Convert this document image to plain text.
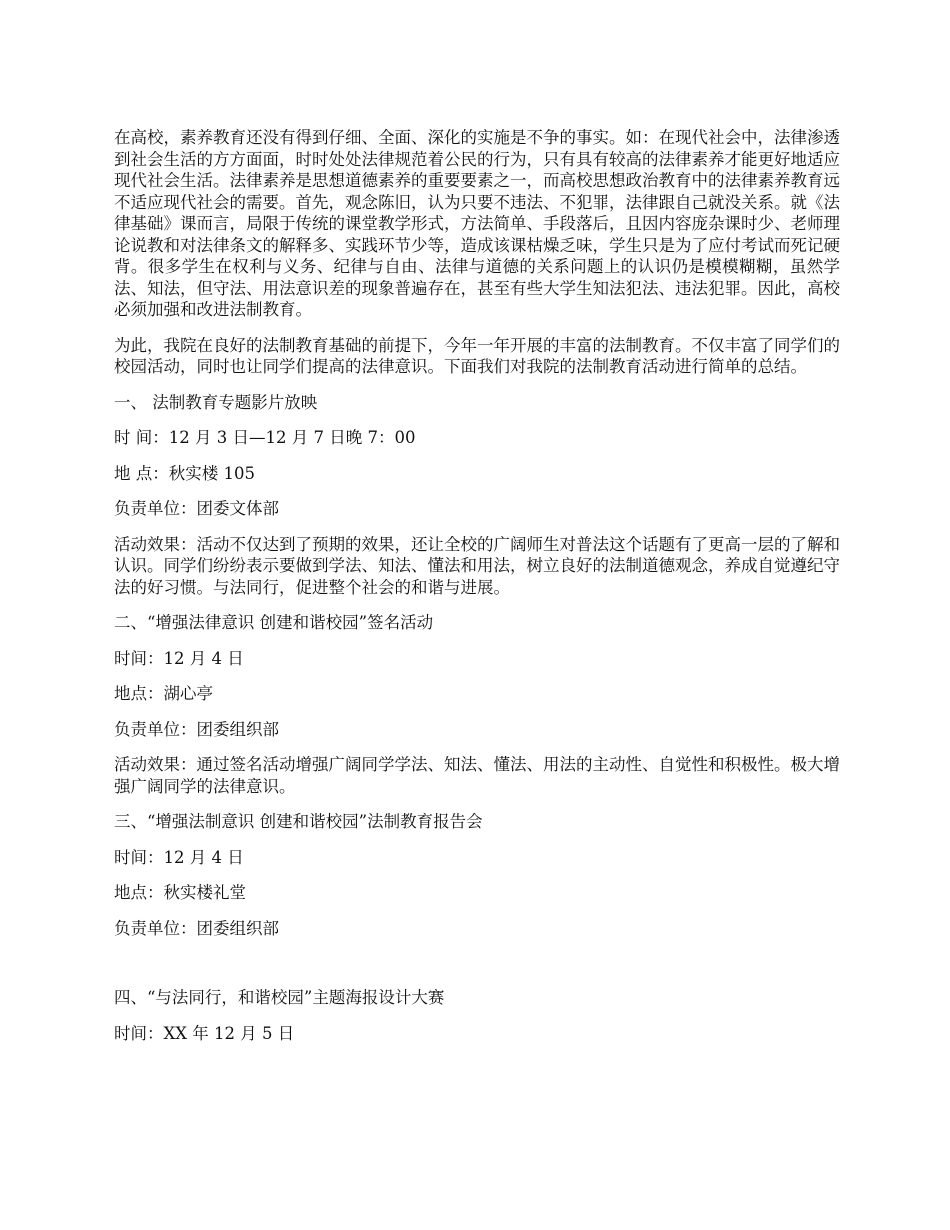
在高校，素养教育还没有得到仔细、全面、深化的实施是不争的事实。如：在现代社会中，法律渗透到社会生活的方方面面，时时处处法律规范着公民的行为，只有具有较高的法律素养才能更好地适应现代社会生活。法律素养是思想道德素养的重要要素之一，而高校思想政治教育中的法律素养教育远不适应现代社会的需要。首先，观念陈旧，认为只要不违法、不犯罪，法律跟自己就没关系。就《法律基础》课而言，局限于传统的课堂教学形式，方法简单、手段落后，且因内容庞杂课时少、老师理论说教和对法律条文的解释多、实践环节少等，造成该课枯燥乏味，学生只是为了应付考试而死记硬背。很多学生在权利与义务、纪律与自由、法律与道德的关系问题上的认识仍是模模糊糊，虽然学法、知法，但守法、用法意识差的现象普遍存在，甚至有些大学生知法犯法、违法犯罪。因此，高校必须加强和改进法制教育。

为此，我院在良好的法制教育基础的前提下，今年一年开展的丰富的法制教育。不仅丰富了同学们的校园活动，同时也让同学们提高的法律意识。下面我们对我院的法制教育活动进行简单的总结。

一、 法制教育专题影片放映
时 间：12 月 3 日—12 月 7 日晚 7：00
地 点：秋实楼 105
负责单位：团委文体部

活动效果：活动不仅达到了预期的效果，还让全校的广阔师生对普法这个话题有了更高一层的了解和认识。同学们纷纷表示要做到学法、知法、懂法和用法，树立良好的法制道德观念，养成自觉遵纪守法的好习惯。与法同行，促进整个社会的和谐与进展。

二、“增强法律意识 创建和谐校园”签名活动
时间：12 月 4 日
地点：湖心亭
负责单位：团委组织部

活动效果：通过签名活动增强广阔同学学法、知法、懂法、用法的主动性、自觉性和积极性。极大增强广阔同学的法律意识。

三、“增强法制意识 创建和谐校园”法制教育报告会
时间：12 月 4 日
地点：秋实楼礼堂
负责单位：团委组织部
四、“与法同行，和谐校园”主题海报设计大赛
时间：XX 年 12 月 5 日
